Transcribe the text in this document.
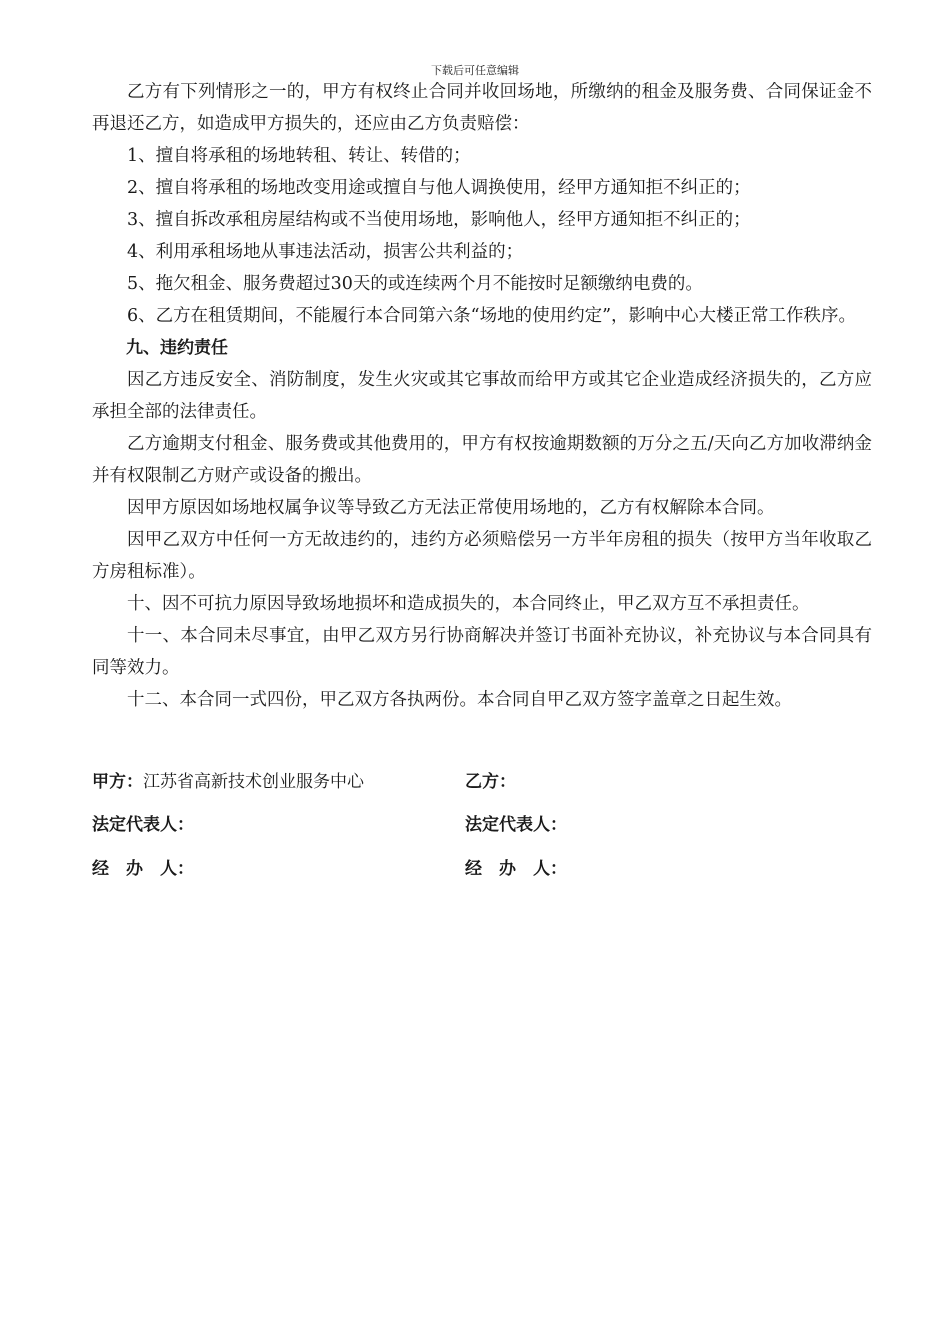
下载后可任意编辑

乙方有下列情形之一的，甲方有权终止合同并收回场地，所缴纳的租金及服务费、合同保证金不再退还乙方，如造成甲方损失的，还应由乙方负责赔偿：

1、擅自将承租的场地转租、转让、转借的；

2、擅自将承租的场地改变用途或擅自与他人调换使用，经甲方通知拒不纠正的；

3、擅自拆改承租房屋结构或不当使用场地，影响他人，经甲方通知拒不纠正的；

4、利用承租场地从事违法活动，损害公共利益的；

5、拖欠租金、服务费超过30天的或连续两个月不能按时足额缴纳电费的。

6、乙方在租赁期间，不能履行本合同第六条“场地的使用约定”，影响中心大楼正常工作秩序。

九、违约责任

因乙方违反安全、消防制度，发生火灾或其它事故而给甲方或其它企业造成经济损失的，乙方应承担全部的法律责任。

乙方逾期支付租金、服务费或其他费用的，甲方有权按逾期数额的万分之五/天向乙方加收滞纳金并有权限制乙方财产或设备的搬出。

因甲方原因如场地权属争议等导致乙方无法正常使用场地的，乙方有权解除本合同。

因甲乙双方中任何一方无故违约的，违约方必须赔偿另一方半年房租的损失（按甲方当年收取乙方房租标准）。

十、因不可抗力原因导致场地损坏和造成损失的，本合同终止，甲乙双方互不承担责任。

十一、本合同未尽事宜，由甲乙双方另行协商解决并签订书面补充协议，补充协议与本合同具有同等效力。

十二、本合同一式四份，甲乙双方各执两份。本合同自甲乙双方签字盖章之日起生效。

甲方：江苏省高新技术创业服务中心	乙方：
法定代表人：	法定代表人：
经　办　人：	经　办　人：
